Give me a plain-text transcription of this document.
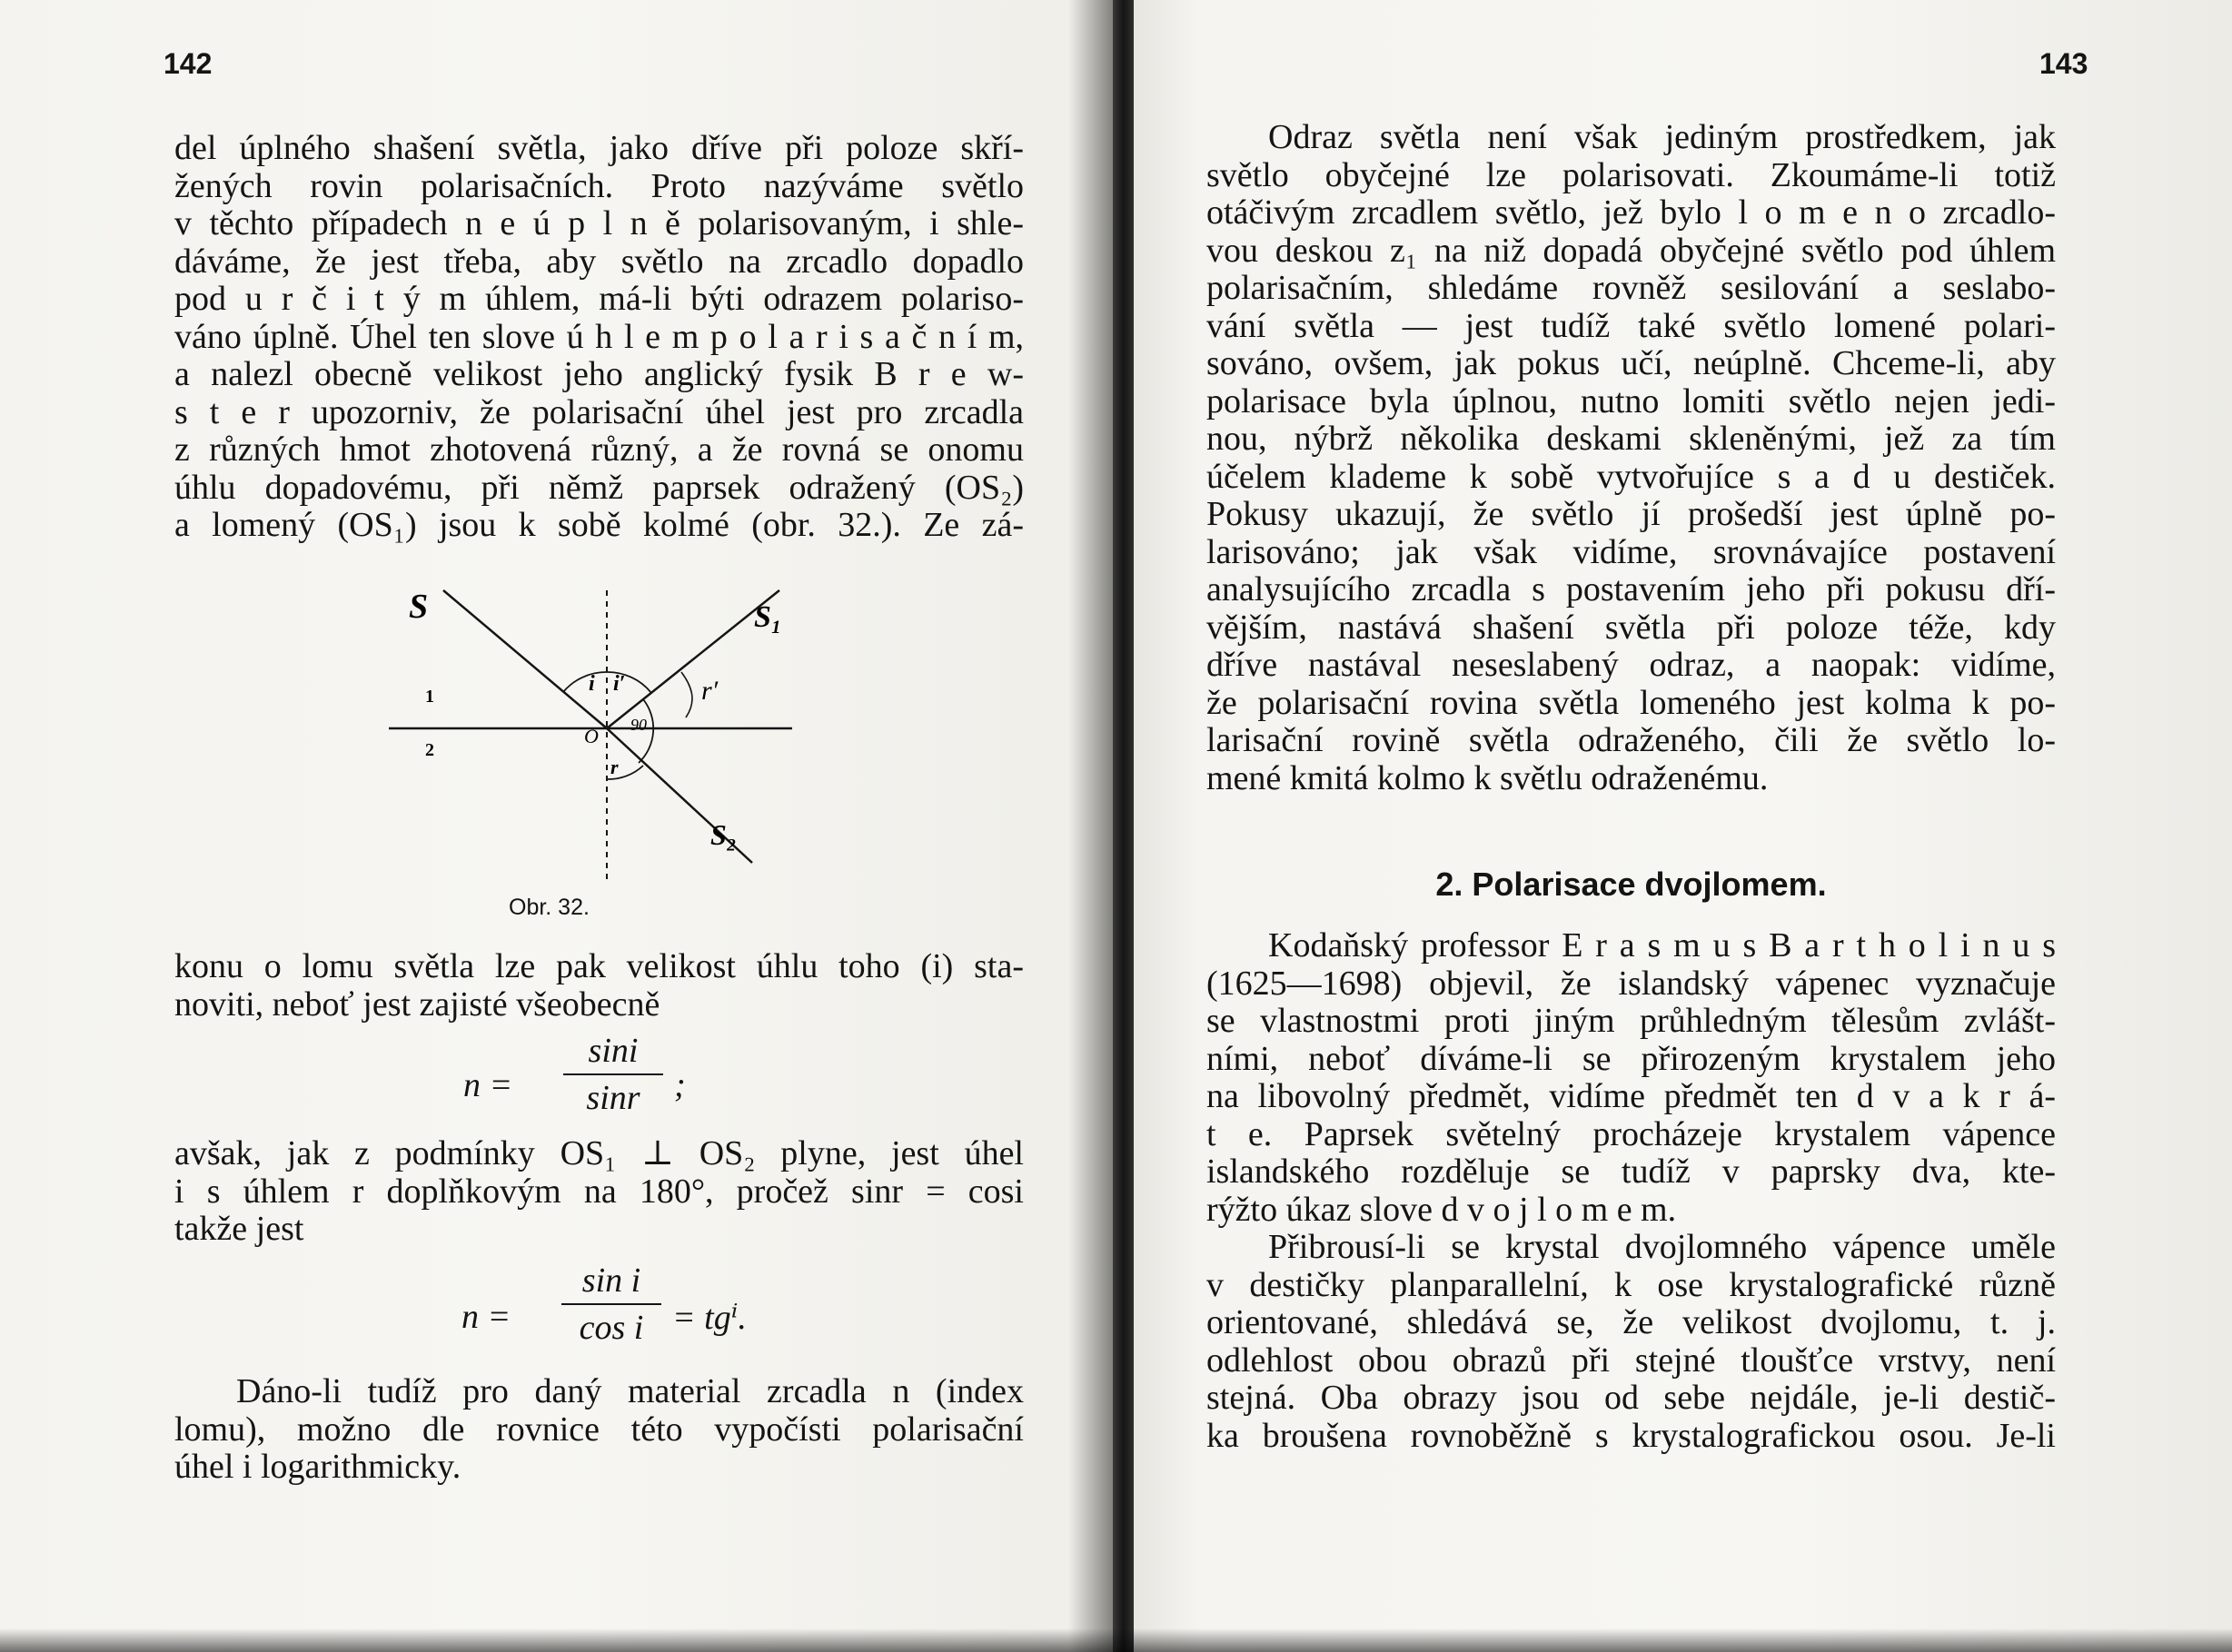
142
del úplného shašení světla, jako dříve při poloze skří-
žených rovin polarisačních. Proto nazýváme světlo
v těchto případech n e ú p l n ě polarisovaným, i shle-
dáváme, že jest třeba, aby světlo na zrcadlo dopadlo
pod u r č i t ý m úhlem, má-li býti odrazem polariso-
váno úplně. Úhel ten slove ú h l e m p o l a r i s a č n í m,
a nalezl obecně velikost jeho anglický fysik B r e w-
s t e r upozorniv, že polarisační úhel jest pro zrcadla
z různých hmot zhotovená různý, a že rovná se onomu
úhlu dopadovému, při němž paprsek odražený (OS₂)
a lomený (OS₁) jsou k sobě kolmé (obr. 32.). Ze zá-
S	S₁
S₂
1
2
O
i i′
r
r′
90
Obr. 32.
konu o lomu světla lze pak velikost úhlu toho (i) sta-
noviti, neboť jest zajisté všeobecně
n =
sini
sinr ;
avšak, jak z podmínky OS₁ ⊥ OS₂ plyne, jest úhel
i s úhlem r doplňkovým na 180°, pročež sinr = cosi
takže jest
n =
sin i
cos i = tgⁱ.
Dáno-li tudíž pro daný material zrcadla n (index
lomu), možno dle rovnice této vypočísti polarisační
úhel i logarithmicky.
143
Odraz světla není však jediným prostředkem, jak
světlo obyčejné lze polarisovati. Zkoumáme-li totiž
otáčivým zrcadlem světlo, jež bylo l o m e n o zrcadlo-
vou deskou z₁ na niž dopadá obyčejné světlo pod úhlem
polarisačním, shledáme rovněž sesilování a seslabo-
vání světla — jest tudíž také světlo lomené polari-
sováno, ovšem, jak pokus učí, neúplně. Chceme-li, aby
polarisace byla úplnou, nutno lomiti světlo nejen jedi-
nou, nýbrž několika deskami skleněnými, jež za tím
účelem klademe k sobě vytvořujíce s a d u destiček.
Pokusy ukazují, že světlo jí prošedší jest úplně po-
larisováno; jak však vidíme, srovnávajíce postavení
analysujícího zrcadla s postavením jeho při pokusu dří-
vějším, nastává shašení světla při poloze téže, kdy
dříve nastával neseslabený odraz, a naopak: vidíme,
že polarisační rovina světla lomeného jest kolma k po-
larisační rovině světla odraženého, čili že světlo lo-
mené kmitá kolmo k světlu odraženému.
2. Polarisace dvojlomem.
Kodaňský professor E r a s m u s B a r t h o l i n u s
(1625—1698) objevil, že islandský vápenec vyznačuje
se vlastnostmi proti jiným průhledným tělesům zvlášt-
ními, neboť díváme-li se přirozeným krystalem jeho
na libovolný předmět, vidíme předmět ten d v a k r á-
t e. Paprsek světelný procházeje krystalem vápence
islandského rozděluje se tudíž v paprsky dva, kte-
rýžto úkaz slove d v o j l o m e m.
Přibrousí-li se krystal dvojlomného vápence uměle
v destičky planparallelní, k ose krystalografické různě
orientované, shledává se, že velikost dvojlomu, t. j.
odlehlost obou obrazů při stejné tloušťce vrstvy, není
stejná. Oba obrazy jsou od sebe nejdále, je-li destič-
ka broušena rovnoběžně s krystalografickou osou. Je-li
